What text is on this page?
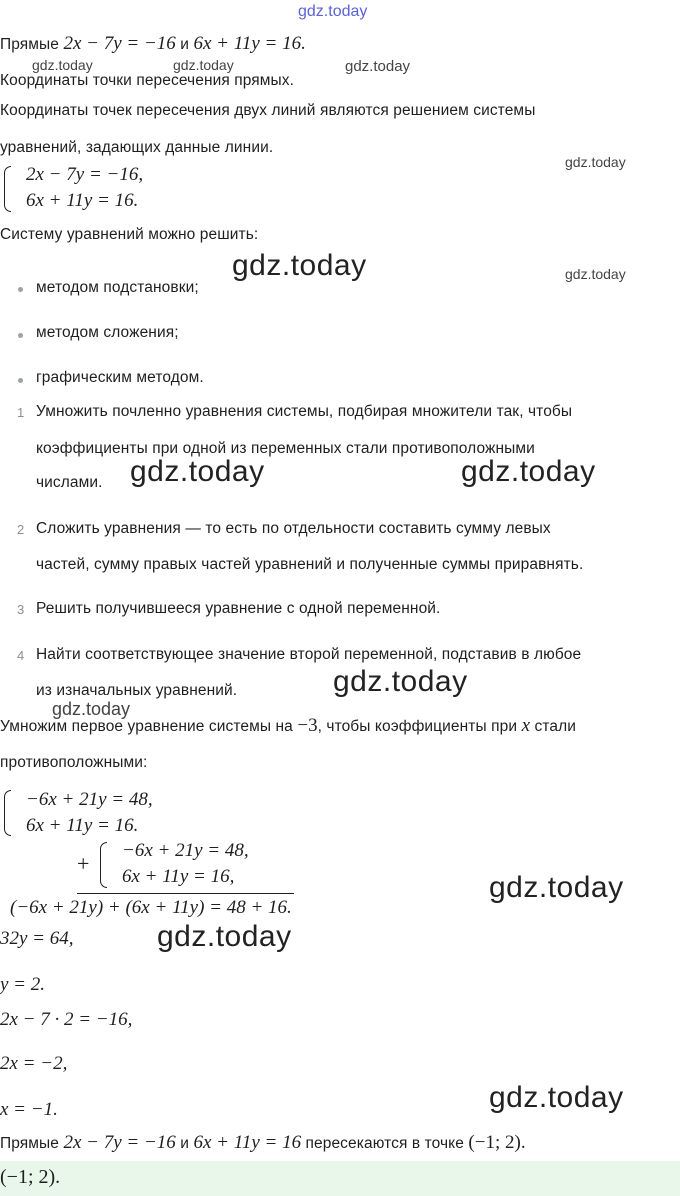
gdz.today
gdz.today	gdz.today	gdz.today
gdz.today
gdz.today
gdz.today
gdz.today
gdz.today	gdz.today
gdz.today
gdz.today
gdz.today
gdz.today
Прямые 2x − 7y = −16 и 6x + 11y = 16.
Координаты точки пересечения прямых.
Координаты точек пересечения двух линий являются решением системы
уравнений, задающих данные линии.
2x − 7y = −16,
6x + 11y = 16.
Систему уравнений можно решить:
методом подстановки;
методом сложения;
графическим методом.
1 Умножить почленно уравнения системы, подбирая множители так, чтобы
коэффициенты при одной из переменных стали противоположными
числами.
2 Сложить уравнения — то есть по отдельности составить сумму левых
частей, сумму правых частей уравнений и полученные суммы приравнять.
3 Решить получившееся уравнение с одной переменной.
4 Найти соответствующее значение второй переменной, подставив в любое
из изначальных уравнений.
Умножим первое уравнение системы на −3, чтобы коэффициенты при x стали
противоположными:
−6x + 21y = 48,
6x + 11y = 16.
+
−6x + 21y = 48,
6x + 11y = 16,
(−6x + 21y) + (6x + 11y) = 48 + 16.
32y = 64,
y = 2.
2x − 7 · 2 = −16,
2x = −2,
x = −1.
Прямые 2x − 7y = −16 и 6x + 11y = 16 пересекаются в точке (−1; 2).
(−1; 2).
